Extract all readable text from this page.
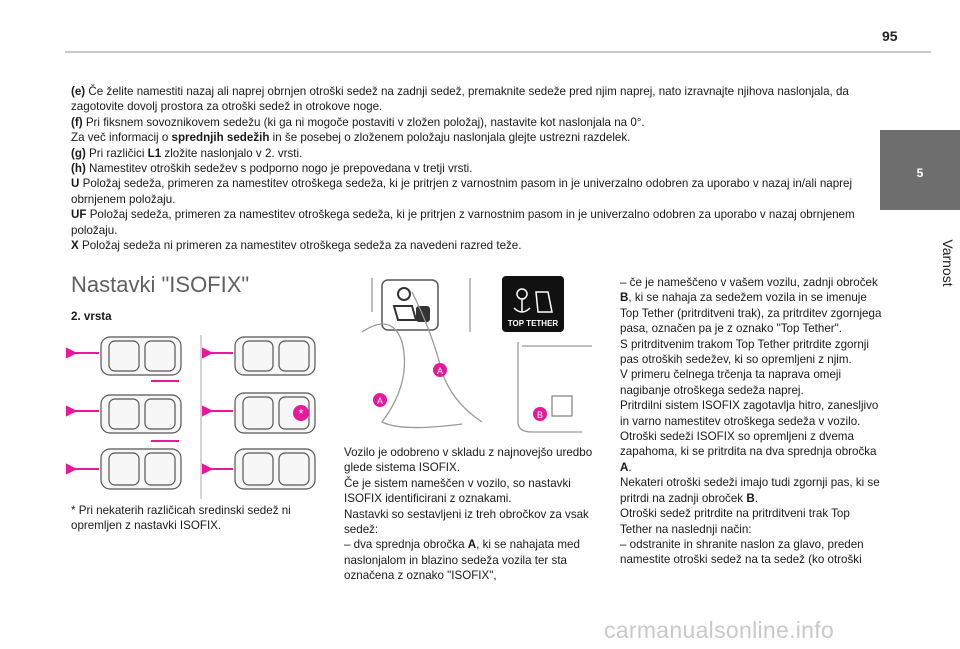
95
5
Varnost

(e) Če želite namestiti nazaj ali naprej obrnjen otroški sedež na zadnji sedež, premaknite sedeže pred njim naprej, nato izravnajte njihova naslonjala, da zagotovite dovolj prostora za otroški sedež in otrokove noge.

(f) Pri fiksnem sovoznikovem sedežu (ki ga ni mogoče postaviti v zložen položaj), nastavite kot naslonjala na 0°.

Za več informacij o sprednjih sedežih in še posebej o zloženem položaju naslonjala glejte ustrezni razdelek.

(g) Pri različici L1 zložite naslonjalo v 2. vrsti.

(h) Namestitev otroških sedežev s podporno nogo je prepovedana v tretji vrsti.

U Položaj sedeža, primeren za namestitev otroškega sedeža, ki je pritrjen z varnostnim pasom in je univerzalno odobren za uporabo v nazaj in/ali naprej obrnjenem položaju.

UF Položaj sedeža, primeren za namestitev otroškega sedeža, ki je pritrjen z varnostnim pasom in je univerzalno odobren za uporabo v nazaj obrnjenem položaju.

X Položaj sedeža ni primeren za namestitev otroškega sedeža za navedeni razred teže.

Nastavki "ISOFIX"
2. vrsta
*
TOP TETHER
A
A
B
* Pri nekaterih različicah sredinski sedež ni opremljen z nastavki ISOFIX.

Vozilo je odobreno v skladu z najnovejšo uredbo glede sistema ISOFIX.

Če je sistem nameščen v vozilo, so nastavki ISOFIX identificirani z oznakami.

Nastavki so sestavljeni iz treh obročkov za vsak sedež:

– dva sprednja obročka A, ki se nahajata med naslonjalom in blazino sedeža vozila ter sta označena z oznako "ISOFIX",

– če je nameščeno v vašem vozilu, zadnji obroček B, ki se nahaja za sedežem vozila in se imenuje Top Tether (pritrditveni trak), za pritrditev zgornjega pasa, označen pa je z oznako "Top Tether".

S pritrditvenim trakom Top Tether pritrdite zgornji pas otroških sedežev, ki so opremljeni z njim.

V primeru čelnega trčenja ta naprava omeji nagibanje otroškega sedeža naprej.

Pritrdilni sistem ISOFIX zagotavlja hitro, zanesljivo in varno namestitev otroškega sedeža v vozilo.

Otroški sedeži ISOFIX so opremljeni z dvema zapahoma, ki se pritrdita na dva sprednja obročka A.

Nekateri otroški sedeži imajo tudi zgornji pas, ki se pritrdi na zadnji obroček B.

Otroški sedež pritrdite na pritrditveni trak Top Tether na naslednji način:

– odstranite in shranite naslon za glavo, preden namestite otroški sedež na ta sedež (ko otroški

carmanualsonline.info
